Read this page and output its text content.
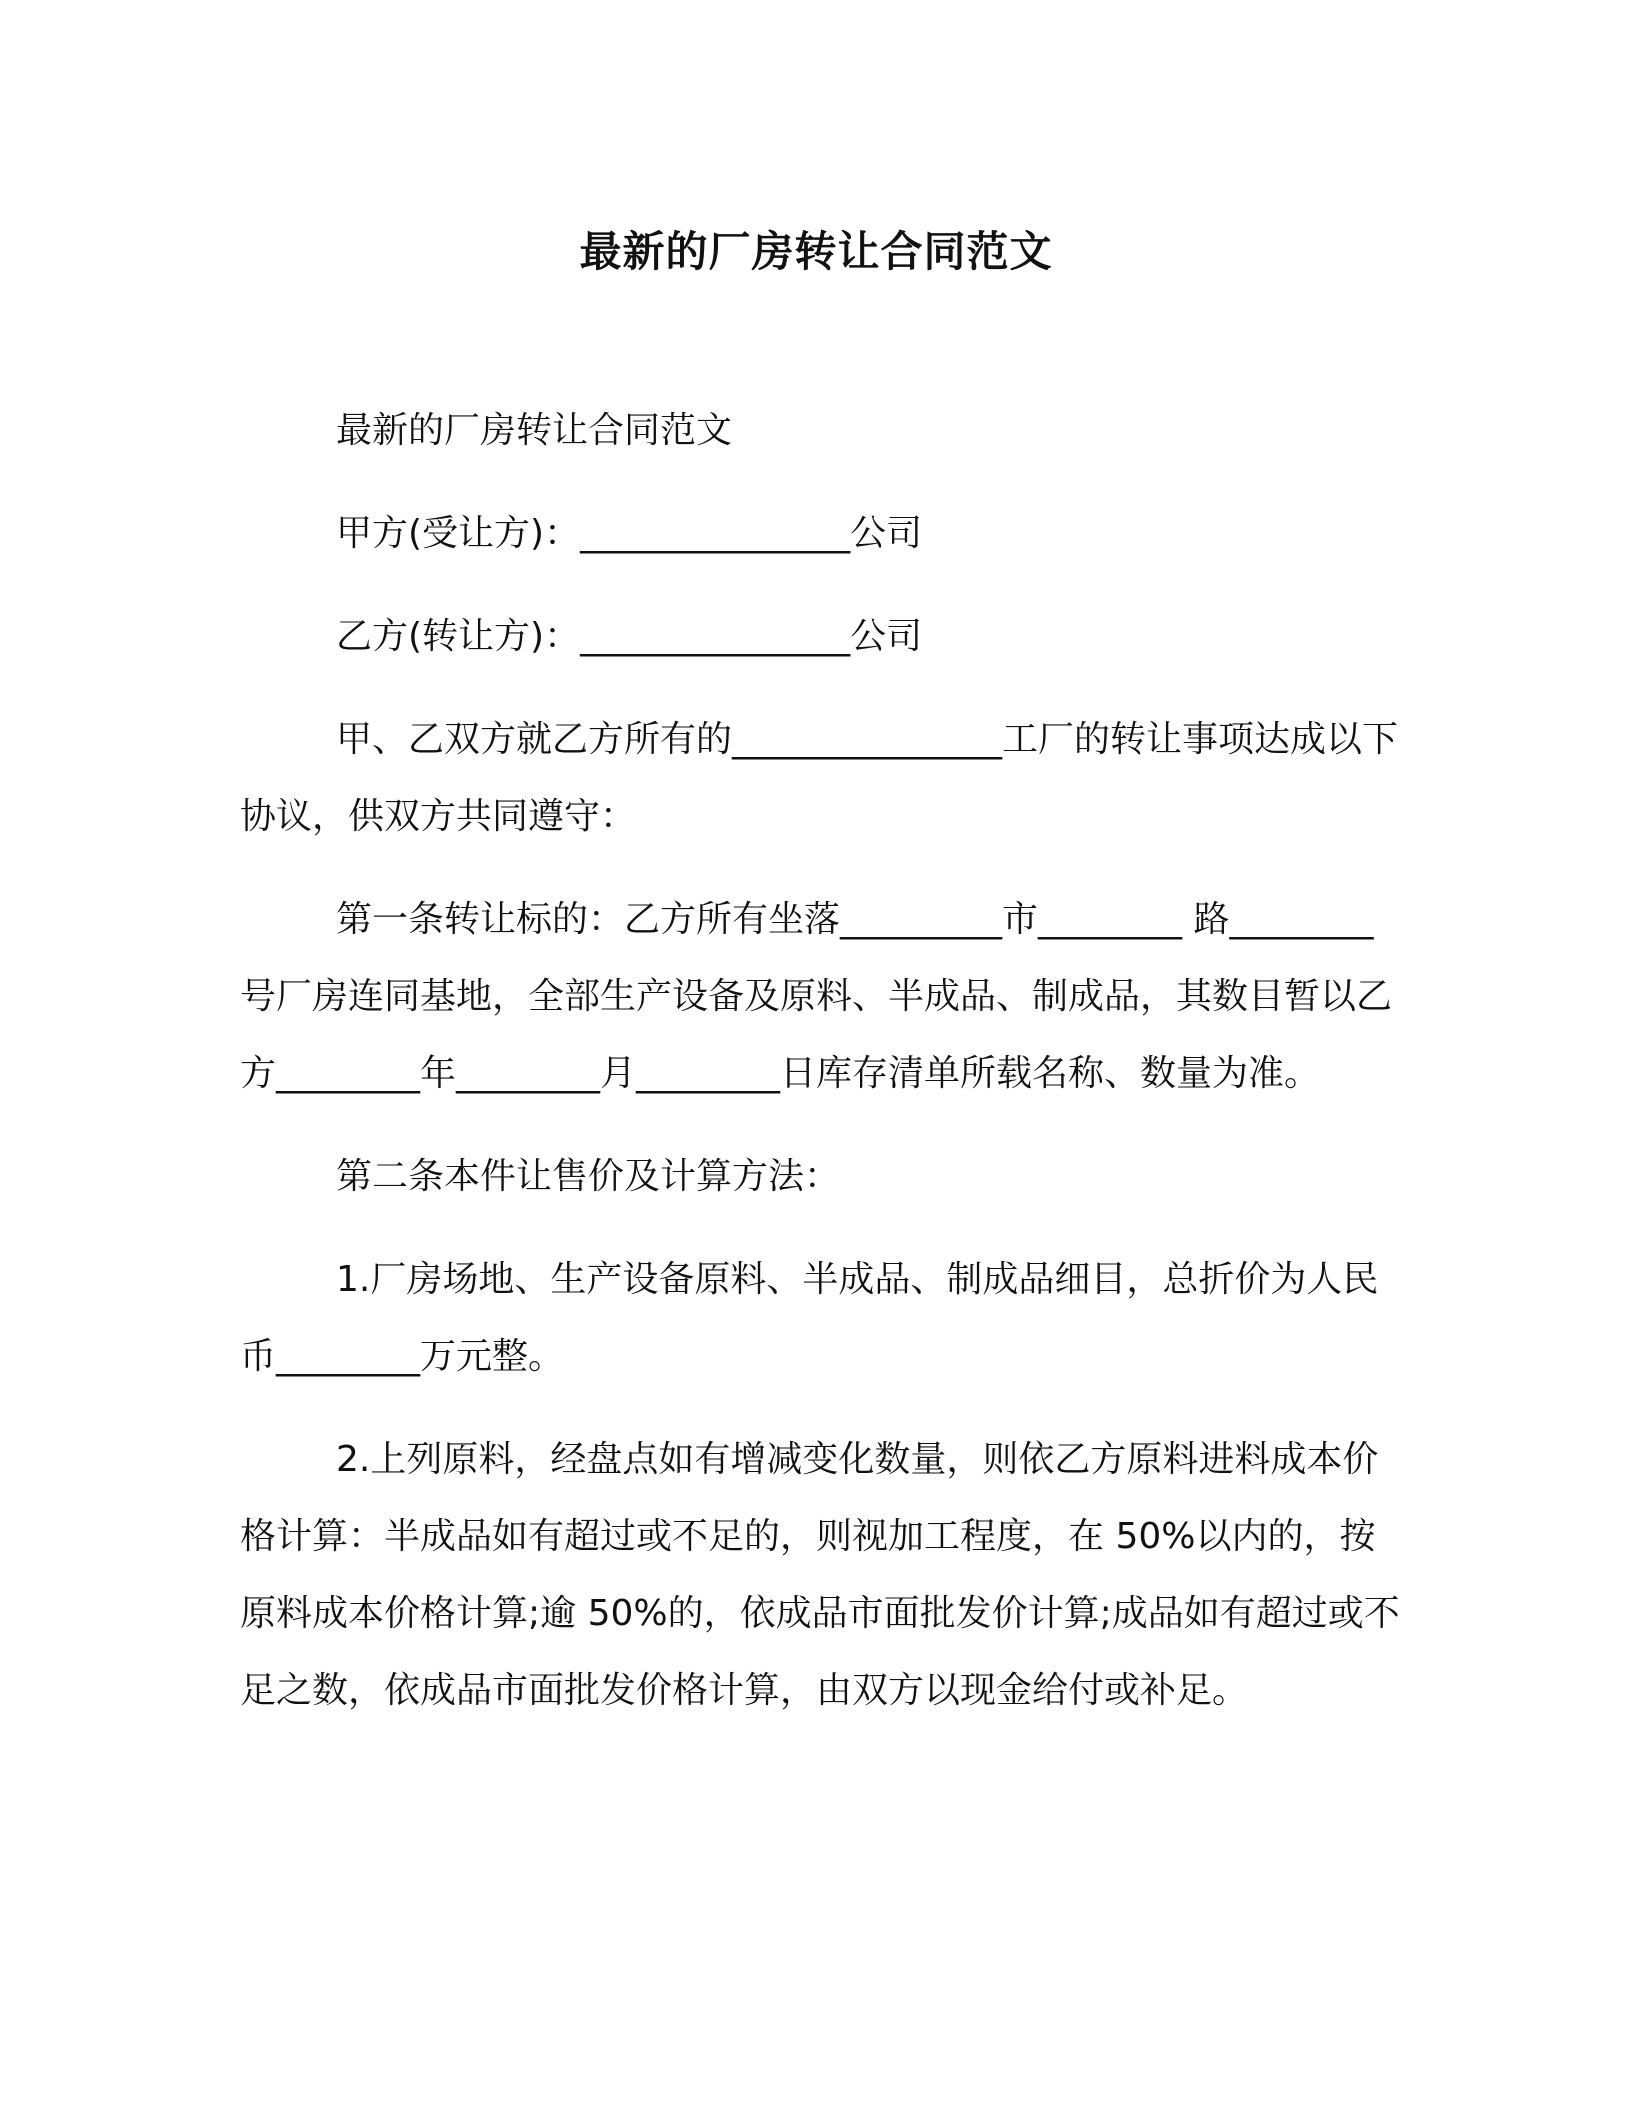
最新的厂房转让合同范文

最新的厂房转让合同范文

甲方(受让方)：_______________公司

乙方(转让方)：_______________公司

甲、乙双方就乙方所有的_______________工厂的转让事项达成以下协议，供双方共同遵守：

第一条转让标的：乙方所有坐落_________市________ 路________号厂房连同基地，全部生产设备及原料、半成品、制成品，其数目暂以乙方________年________月________日库存清单所载名称、数量为准。

第二条本件让售价及计算方法：

1.厂房场地、生产设备原料、半成品、制成品细目，总折价为人民币________万元整。

2.上列原料，经盘点如有增减变化数量，则依乙方原料进料成本价格计算：半成品如有超过或不足的，则视加工程度，在 50%以内的，按原料成本价格计算;逾 50%的，依成品市面批发价计算;成品如有超过或不足之数，依成品市面批发价格计算，由双方以现金给付或补足。
